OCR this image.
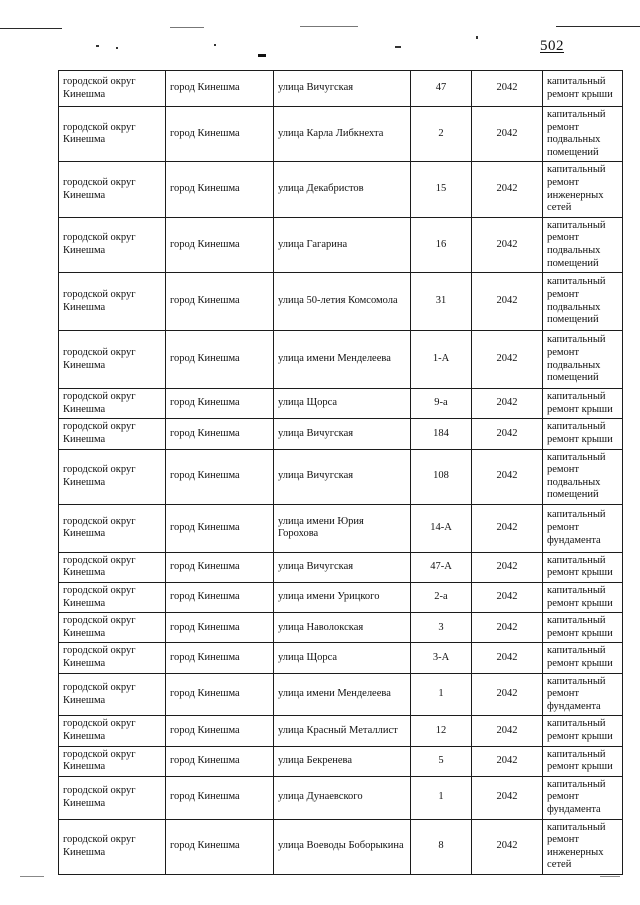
502
городской округ Кинешма	город Кинешма	улица Вичугская	47	2042	капитальный ремонт крыши
городской округ Кинешма	город Кинешма	улица Карла Либкнехта	2	2042	капитальный ремонт подвальных помещений
городской округ Кинешма	город Кинешма	улица Декабристов	15	2042	капитальный ремонт инженерных сетей
городской округ Кинешма	город Кинешма	улица Гагарина	16	2042	капитальный ремонт подвальных помещений
городской округ Кинешма	город Кинешма	улица 50-летия Комсомола	31	2042	капитальный ремонт подвальных помещений
городской округ Кинешма	город Кинешма	улица имени Менделеева	1-А	2042	капитальный ремонт подвальных помещений
городской округ Кинешма	город Кинешма	улица Щорса	9-а	2042	капитальный ремонт крыши
городской округ Кинешма	город Кинешма	улица Вичугская	184	2042	капитальный ремонт крыши
городской округ Кинешма	город Кинешма	улица Вичугская	108	2042	капитальный ремонт подвальных помещений
городской округ Кинешма	город Кинешма	улица имени Юрия Горохова	14-А	2042	капитальный ремонт фундамента
городской округ Кинешма	город Кинешма	улица Вичугская	47-А	2042	капитальный ремонт крыши
городской округ Кинешма	город Кинешма	улица имени Урицкого	2-а	2042	капитальный ремонт крыши
городской округ Кинешма	город Кинешма	улица Наволокская	3	2042	капитальный ремонт крыши
городской округ Кинешма	город Кинешма	улица Щорса	3-А	2042	капитальный ремонт крыши
городской округ Кинешма	город Кинешма	улица имени Менделеева	1	2042	капитальный ремонт фундамента
городской округ Кинешма	город Кинешма	улица Красный Металлист	12	2042	капитальный ремонт крыши
городской округ Кинешма	город Кинешма	улица Бекренева	5	2042	капитальный ремонт крыши
городской округ Кинешма	город Кинешма	улица Дунаевского	1	2042	капитальный ремонт фундамента
городской округ Кинешма	город Кинешма	улица Воеводы Боборыкина	8	2042	капитальный ремонт инженерных сетей
